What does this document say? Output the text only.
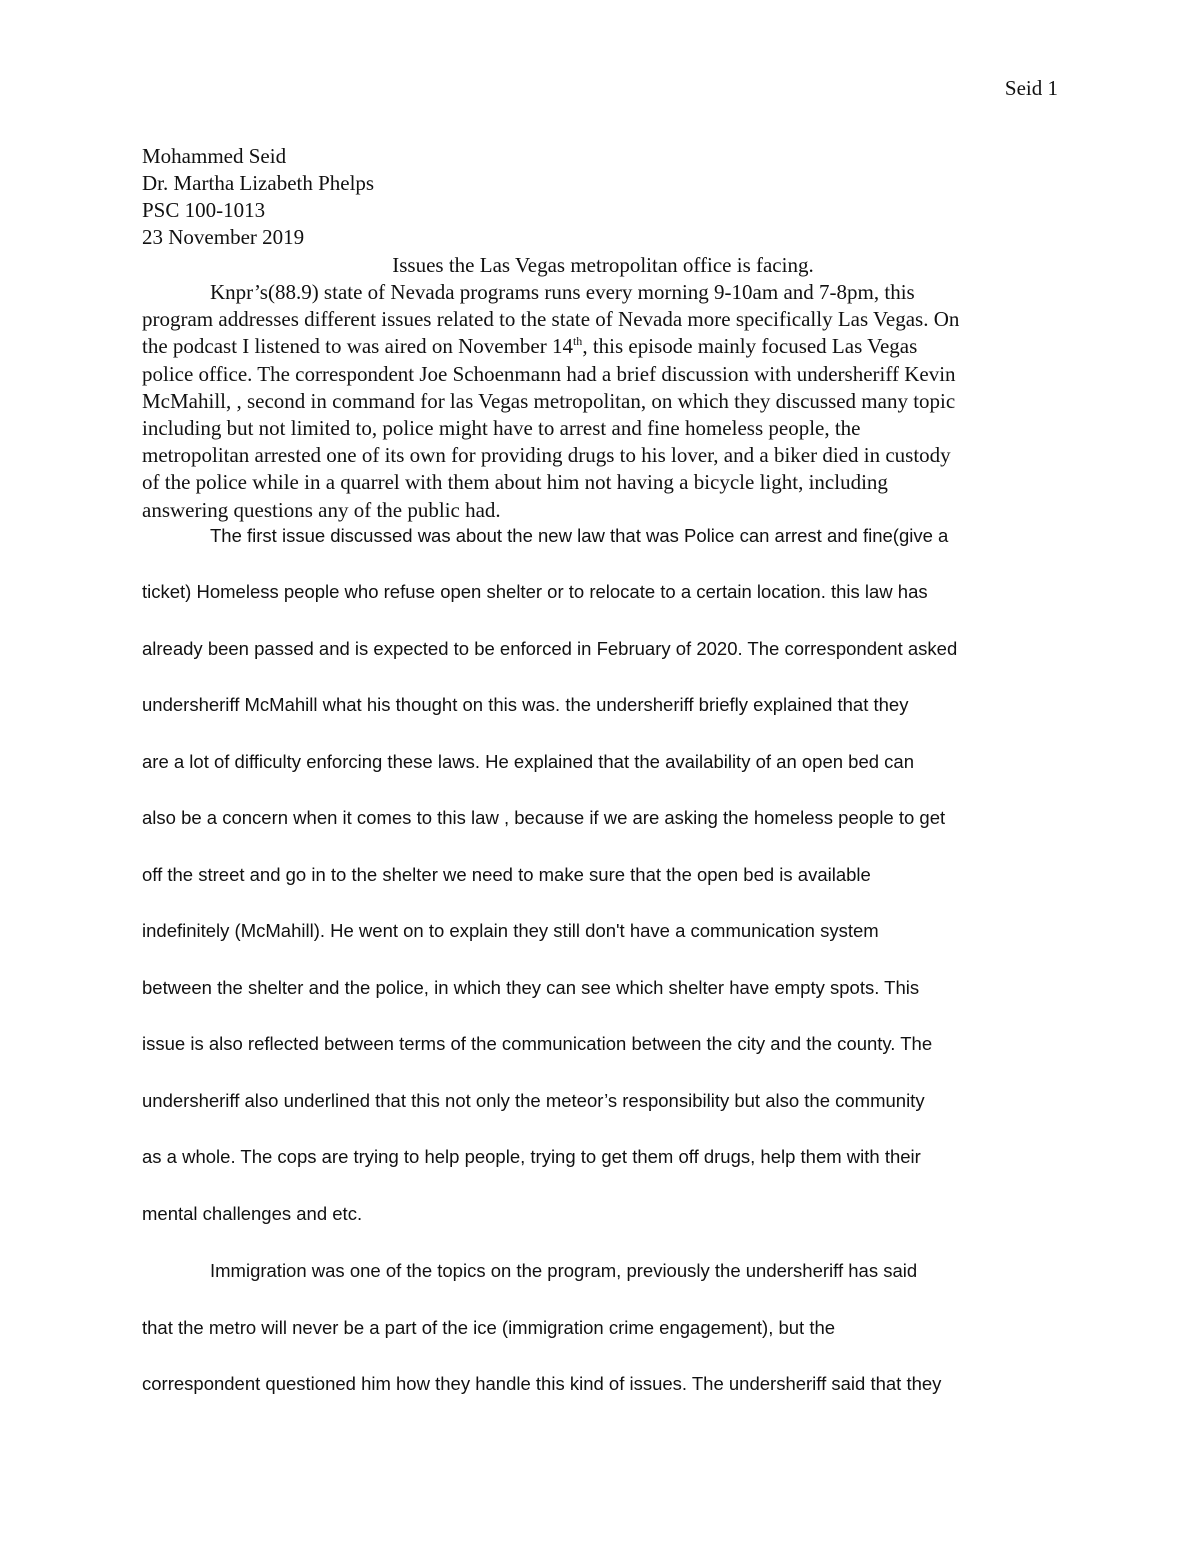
Seid 1
Mohammed Seid
Dr. Martha Lizabeth Phelps
PSC 100-1013
23 November 2019
Issues the Las Vegas metropolitan office is facing.
Knpr’s(88.9) state of Nevada programs runs every morning 9-10am and 7-8pm, this
program addresses different issues related to the state of Nevada more specifically Las Vegas. On
the podcast I listened to was aired on November 14th, this episode mainly focused Las Vegas
police office. The correspondent Joe Schoenmann had a brief discussion with undersheriff Kevin
McMahill, , second in command for las Vegas metropolitan, on which they discussed many topic
including but not limited to, police might have to arrest and fine homeless people, the
metropolitan arrested one of its own for providing drugs to his lover, and a biker died in custody
of the police while in a quarrel with them about him not having a bicycle light, including
answering questions any of the public had.
The first issue discussed was about the new law that was Police can arrest and fine(give a
ticket) Homeless people who refuse open shelter or to relocate to a certain location. this law has
already been passed and is expected to be enforced in February of 2020. The correspondent asked
undersheriff McMahill what his thought on this was. the undersheriff briefly explained that they
are a lot of difficulty enforcing these laws. He explained that the availability of an open bed can
also be a concern when it comes to this law , because if we are asking the homeless people to get
off the street and go in to the shelter we need to make sure that the open bed is available
indefinitely (McMahill). He went on to explain they still don't have a communication system
between the shelter and the police, in which they can see which shelter have empty spots. This
issue is also reflected between terms of the communication between the city and the county. The
undersheriff also underlined that this not only the meteor’s responsibility but also the community
as a whole. The cops are trying to help people, trying to get them off drugs, help them with their
mental challenges and etc.
Immigration was one of the topics on the program, previously the undersheriff has said
that the metro will never be a part of the ice (immigration crime engagement), but the
correspondent questioned him how they handle this kind of issues. The undersheriff said that they
